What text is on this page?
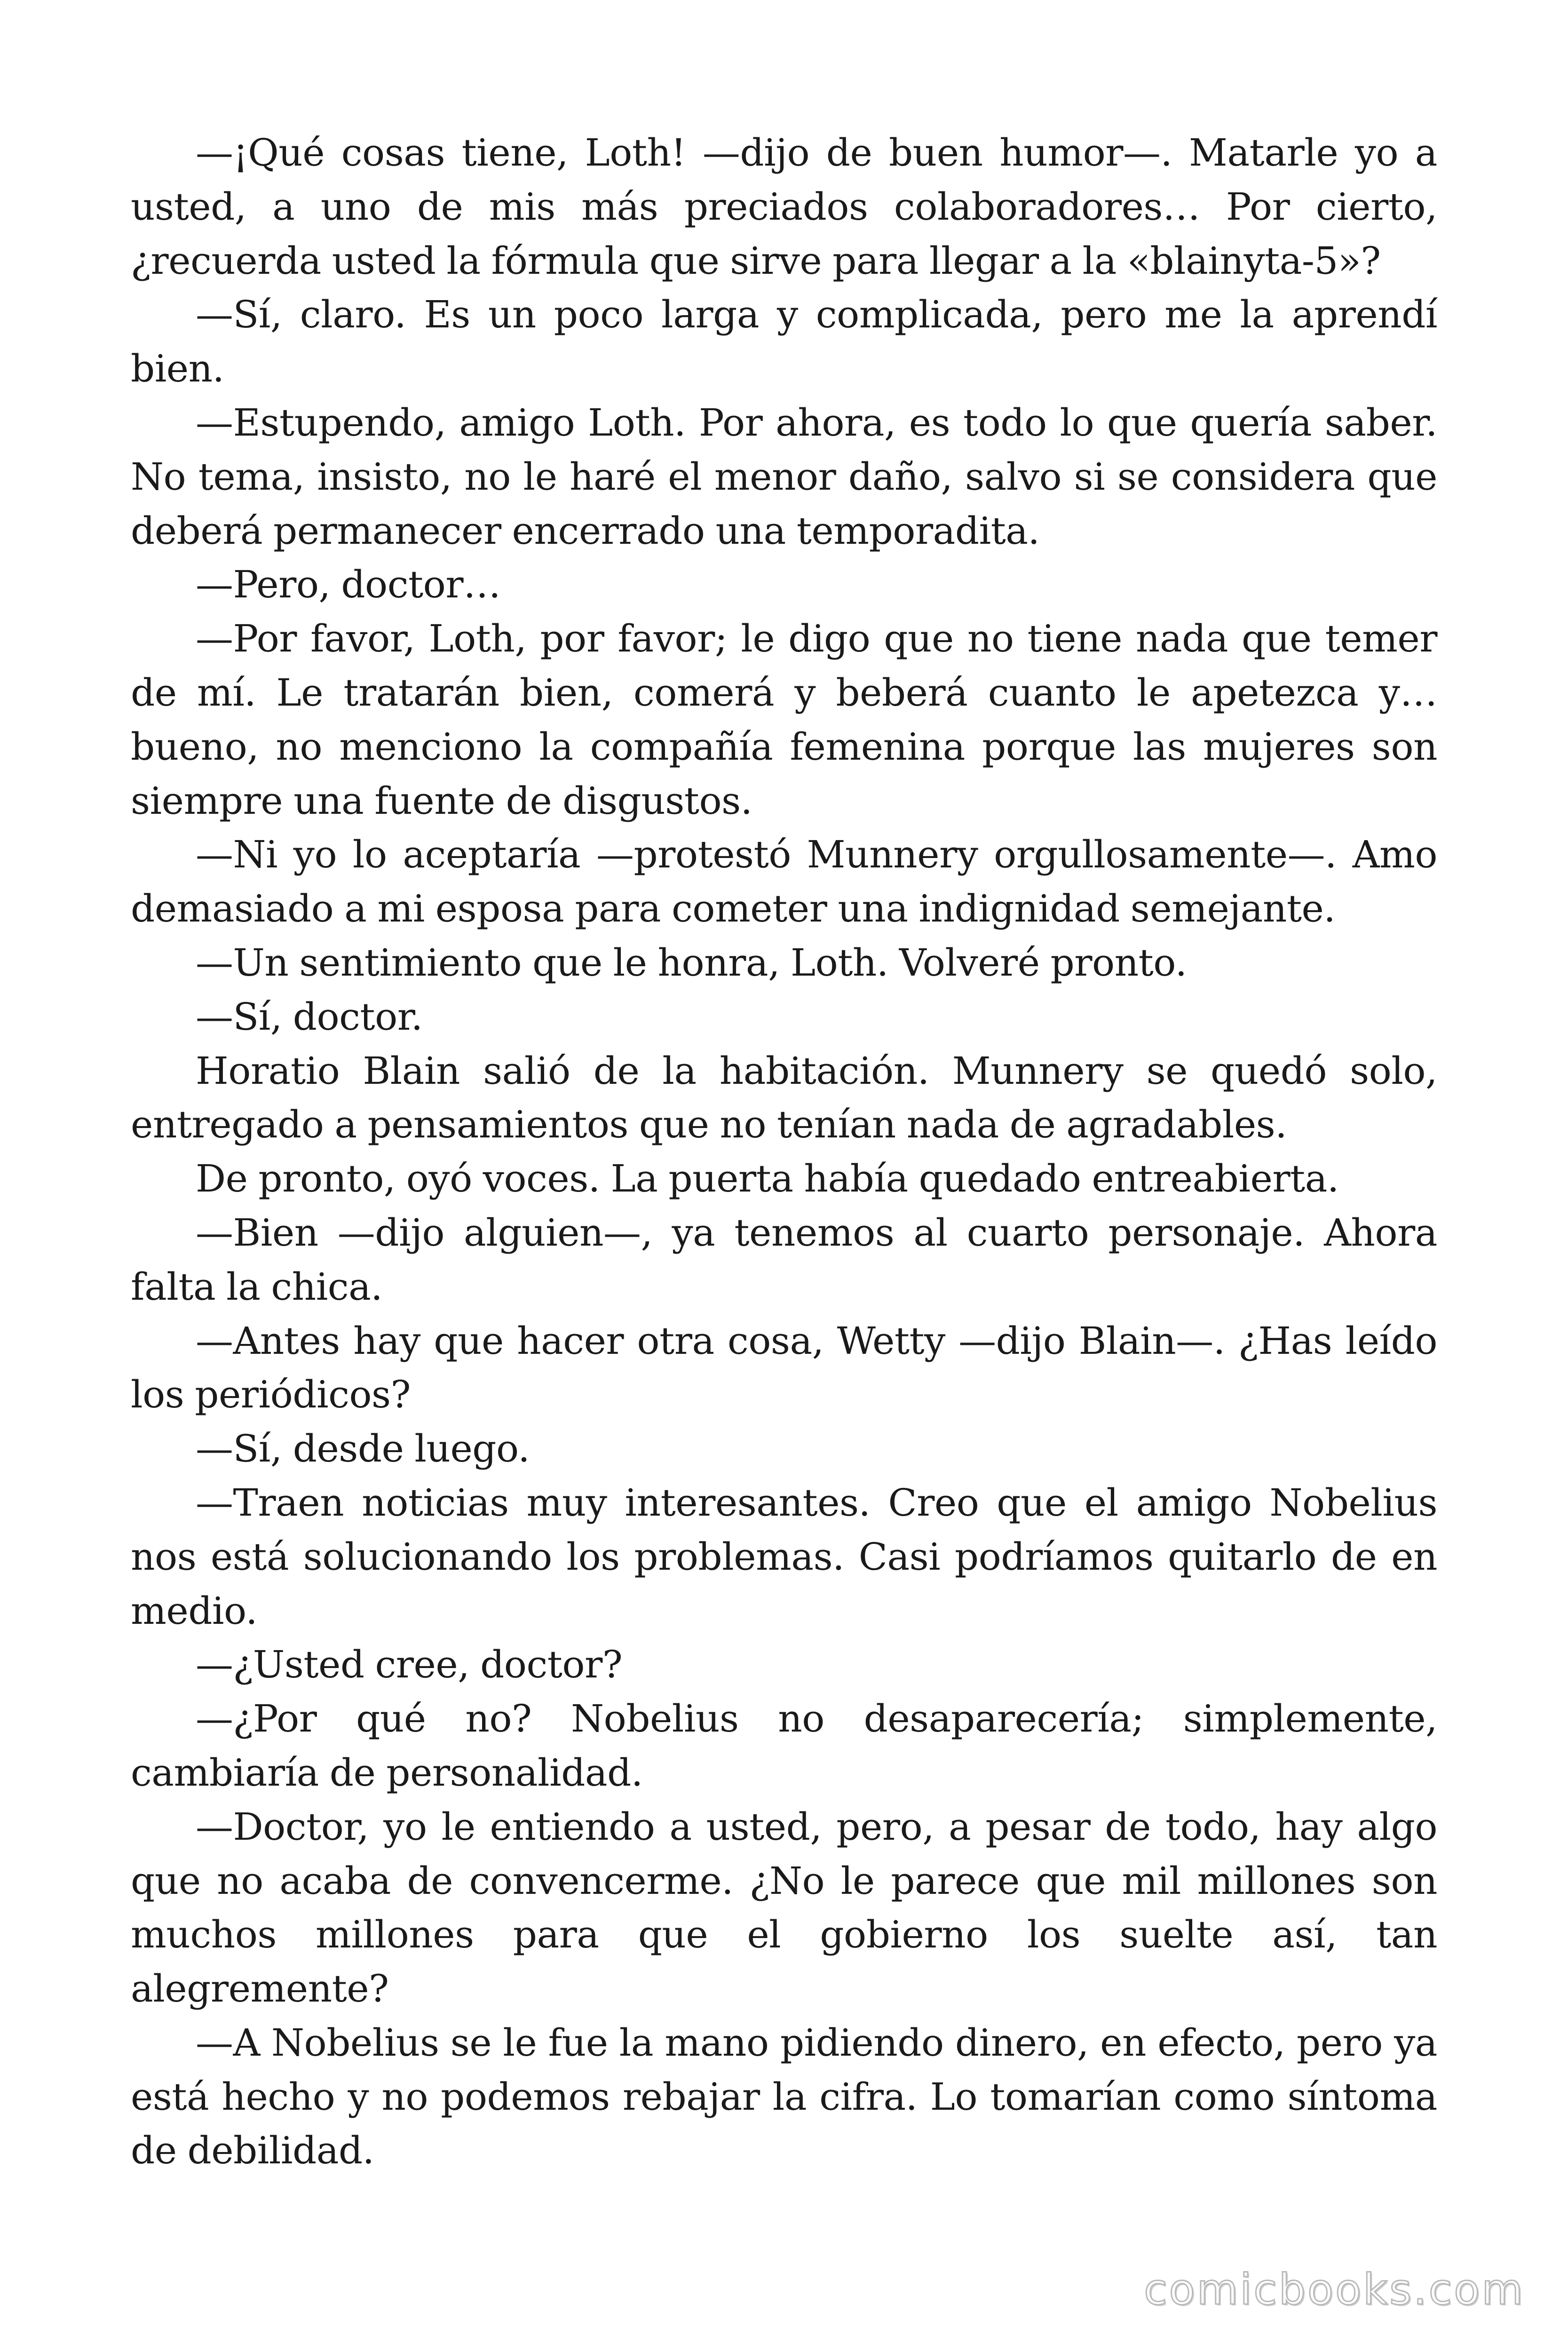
—¡Qué cosas tiene, Loth! —dijo de buen humor—. Matarle yo a usted, a uno de mis más preciados colaboradores… Por cierto, ¿recuerda usted la fórmula que sirve para llegar a la «blainyta-5»?

—Sí, claro. Es un poco larga y complicada, pero me la aprendí bien.

—Estupendo, amigo Loth. Por ahora, es todo lo que quería saber. No tema, insisto, no le haré el menor daño, salvo si se considera que deberá permanecer encerrado una temporadita.

—Pero, doctor…

—Por favor, Loth, por favor; le digo que no tiene nada que temer de mí. Le tratarán bien, comerá y beberá cuanto le apetezca y… bueno, no menciono la compañía femenina porque las mujeres son siempre una fuente de disgustos.

—Ni yo lo aceptaría —protestó Munnery orgullosamente—. Amo demasiado a mi esposa para cometer una indignidad semejante.

—Un sentimiento que le honra, Loth. Volveré pronto.

—Sí, doctor.

Horatio Blain salió de la habitación. Munnery se quedó solo, entregado a pensamientos que no tenían nada de agradables.

De pronto, oyó voces. La puerta había quedado entreabierta.

—Bien —dijo alguien—, ya tenemos al cuarto personaje. Ahora falta la chica.

—Antes hay que hacer otra cosa, Wetty —dijo Blain—. ¿Has leído los periódicos?

—Sí, desde luego.

—Traen noticias muy interesantes. Creo que el amigo Nobelius nos está solucionando los problemas. Casi podríamos quitarlo de en medio.

—¿Usted cree, doctor?

—¿Por qué no? Nobelius no desaparecería; simplemente, cambiaría de personalidad.

—Doctor, yo le entiendo a usted, pero, a pesar de todo, hay algo que no acaba de convencerme. ¿No le parece que mil millones son muchos millones para que el gobierno los suelte así, tan alegremente?

—A Nobelius se le fue la mano pidiendo dinero, en efecto, pero ya está hecho y no podemos rebajar la cifra. Lo tomarían como síntoma de debilidad.

comicbooks.com
